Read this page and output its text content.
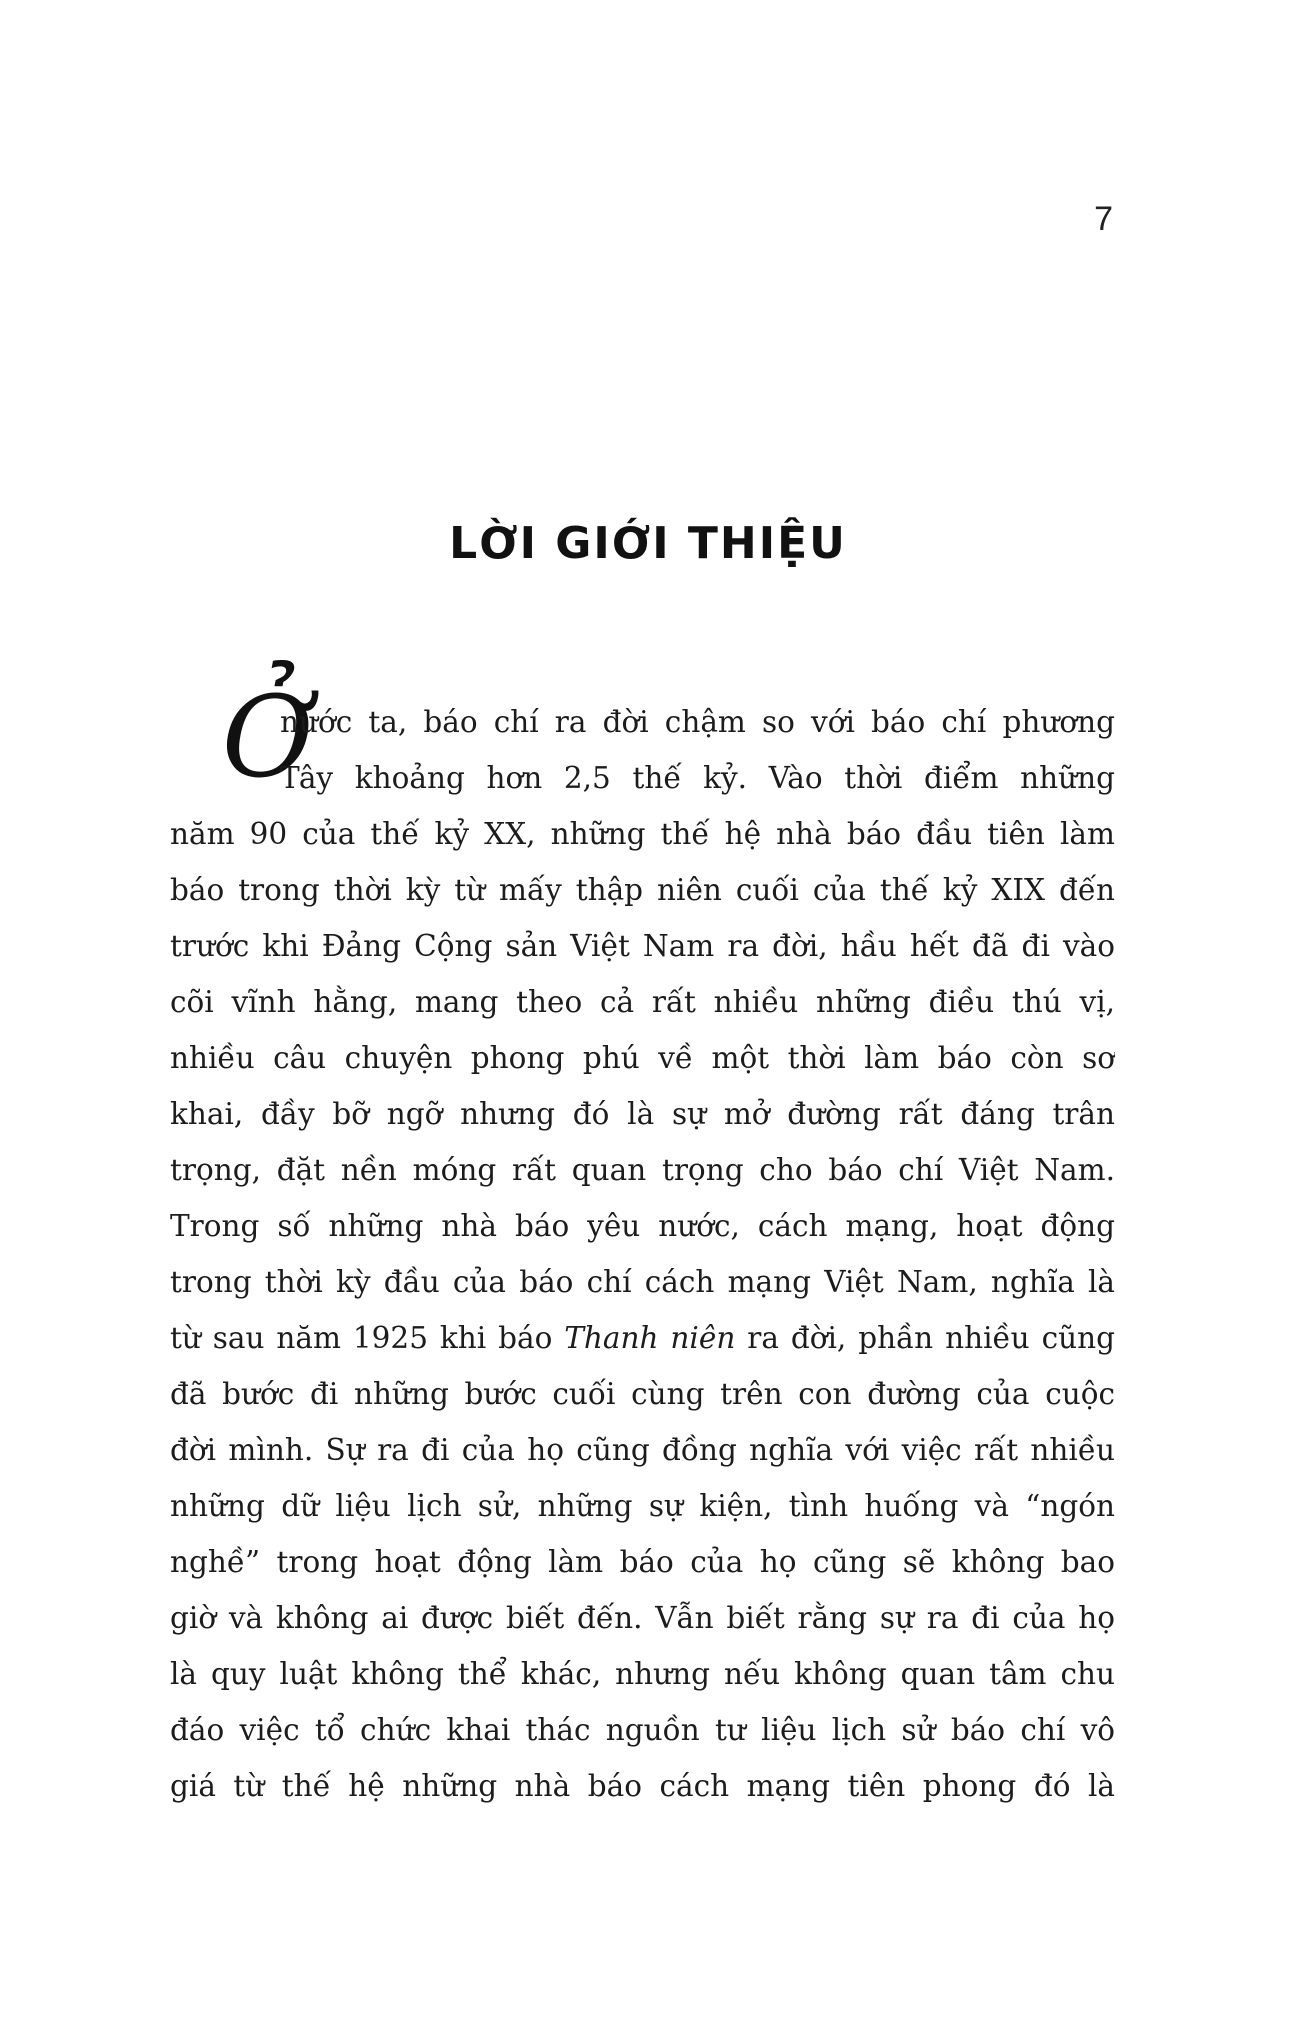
7
LỜI GIỚI THIỆU
Ở
nước ta, báo chí ra đời chậm so với báo chí phương
Tây khoảng hơn 2,5 thế kỷ. Vào thời điểm những
năm 90 của thế kỷ XX, những thế hệ nhà báo đầu tiên làm
báo trong thời kỳ từ mấy thập niên cuối của thế kỷ XIX đến
trước khi Đảng Cộng sản Việt Nam ra đời, hầu hết đã đi vào
cõi vĩnh hằng, mang theo cả rất nhiều những điều thú vị,
nhiều câu chuyện phong phú về một thời làm báo còn sơ
khai, đầy bỡ ngỡ nhưng đó là sự mở đường rất đáng trân
trọng, đặt nền móng rất quan trọng cho báo chí Việt Nam.
Trong số những nhà báo yêu nước, cách mạng, hoạt động
trong thời kỳ đầu của báo chí cách mạng Việt Nam, nghĩa là
từ sau năm 1925 khi báo Thanh niên ra đời, phần nhiều cũng
đã bước đi những bước cuối cùng trên con đường của cuộc
đời mình. Sự ra đi của họ cũng đồng nghĩa với việc rất nhiều
những dữ liệu lịch sử, những sự kiện, tình huống và “ngón
nghề” trong hoạt động làm báo của họ cũng sẽ không bao
giờ và không ai được biết đến. Vẫn biết rằng sự ra đi của họ
là quy luật không thể khác, nhưng nếu không quan tâm chu
đáo việc tổ chức khai thác nguồn tư liệu lịch sử báo chí vô
giá từ thế hệ những nhà báo cách mạng tiên phong đó là
